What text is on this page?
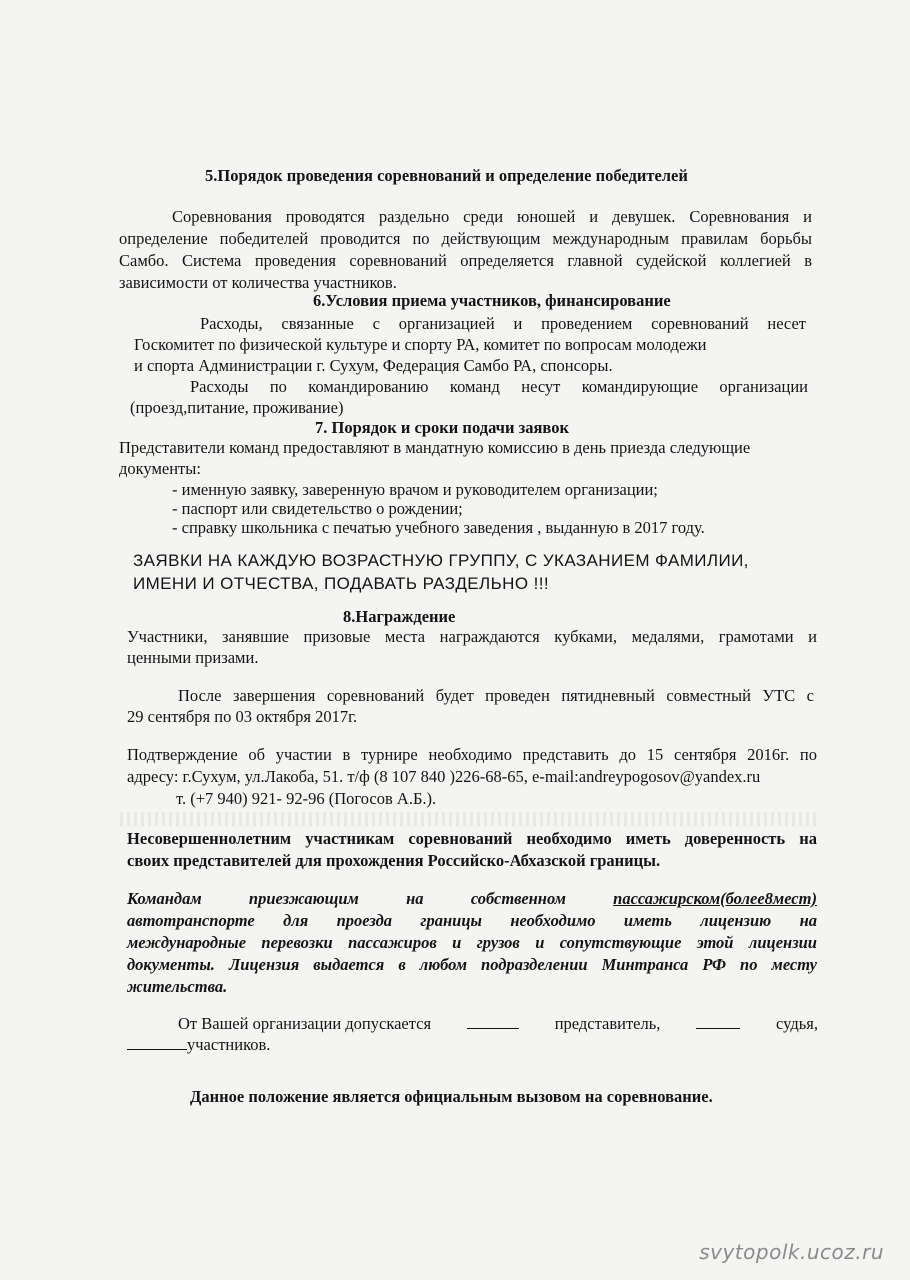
5.Порядок проведения соревнований и определение победителей
Соревнования проводятся раздельно среди юношей и девушек. Соревнования и
определение победителей проводится по действующим международным правилам борьбы
Самбо. Система проведения соревнований определяется главной судейской коллегией в
зависимости от количества участников.
6.Условия приема участников, финансирование
Расходы, связанные с организацией и проведением соревнований несет
Госкомитет по физической культуре и спорту РА, комитет по вопросам молодежи
и спорта Администрации г. Сухум, Федерация Самбо РА, спонсоры.
Расходы по командированию команд несут командирующие организации
(проезд,питание, проживание)
7. Порядок и сроки подачи заявок
Представители команд предоставляют в мандатную комиссию в день приезда следующие
документы:
- именную заявку, заверенную врачом и руководителем организации;
- паспорт или свидетельство о рождении;
- справку школьника с печатью учебного заведения , выданную в 2017 году.
ЗАЯВКИ НА КАЖДУЮ ВОЗРАСТНУЮ ГРУППУ, С УКАЗАНИЕМ ФАМИЛИИ,
ИМЕНИ И ОТЧЕСТВА, ПОДАВАТЬ РАЗДЕЛЬНО !!!
8.Награждение
Участники, занявшие призовые места награждаются кубками, медалями, грамотами и
ценными призами.
После завершения соревнований будет проведен пятидневный совместный УТС с
29 сентября по 03 октября 2017г.
Подтверждение об участии в турнире необходимо представить до 15 сентября 2016г. по
адресу: г.Сухум, ул.Лакоба, 51. т/ф (8 107 840 )226-68-65, e-mail:andreypogosov@yandex.ru
т. (+7 940) 921- 92-96 (Погосов А.Б.).
Несовершеннолетним участникам соревнований необходимо иметь доверенность на
своих представителей для прохождения Российско-Абхазской границы.
Командам	приезжающим	на	собственном	пассажирском(более8мест)
автотранспорте для проезда границы необходимо иметь лицензию на
международные перевозки пассажиров и грузов и сопутствующие этой лицензии
документы. Лицензия выдается в любом подразделении Минтранса РФ по месту
жительства.
От Вашей организации допускается	представитель,	судья,
участников.
Данное положение является официальным вызовом на соревнование.
svytopolk.ucoz.ru
